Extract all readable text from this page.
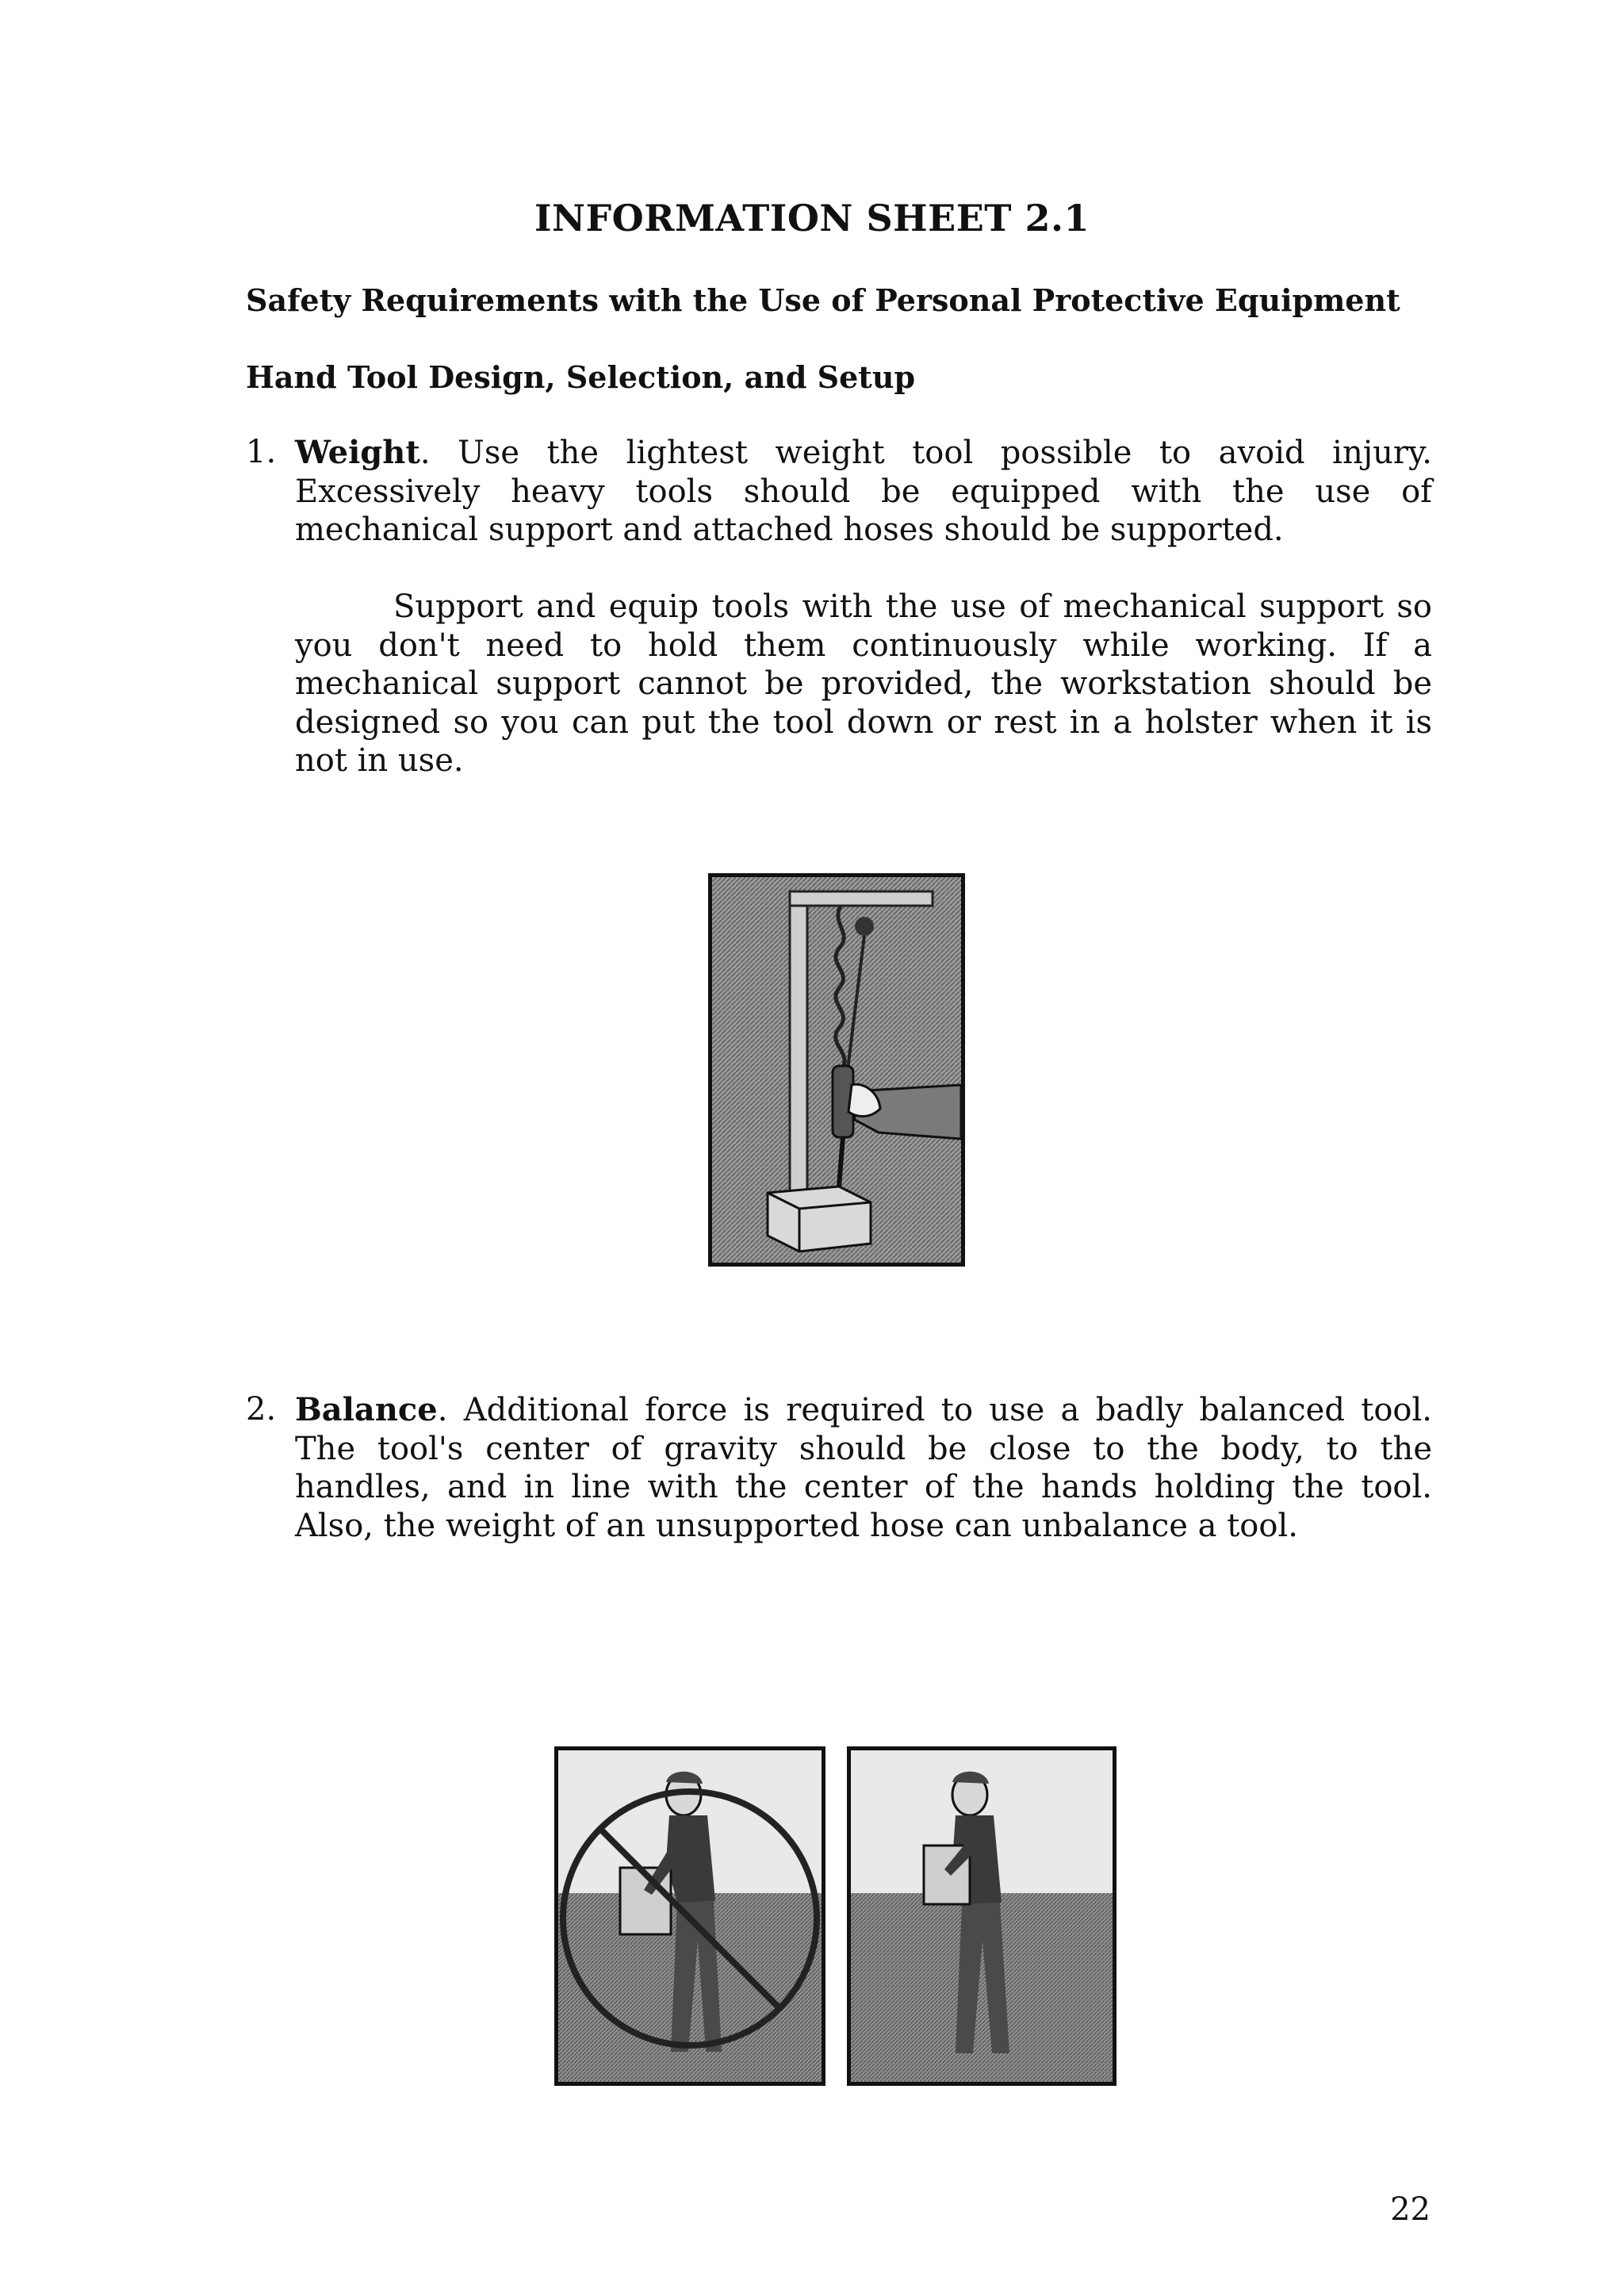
INFORMATION SHEET 2.1
Safety Requirements with the Use of Personal Protective Equipment
Hand Tool Design, Selection, and Setup
1. Weight. Use the lightest weight tool possible to avoid injury. Excessively heavy tools should be equipped with the use of mechanical support and attached hoses should be supported.
Support and equip tools with the use of mechanical support so you don't need to hold them continuously while working. If a mechanical support cannot be provided, the workstation should be designed so you can put the tool down or rest in a holster when it is not in use.
2. Balance. Additional force is required to use a badly balanced tool. The tool's center of gravity should be close to the body, to the handles, and in line with the center of the hands holding the tool. Also, the weight of an unsupported hose can unbalance a tool.
22
